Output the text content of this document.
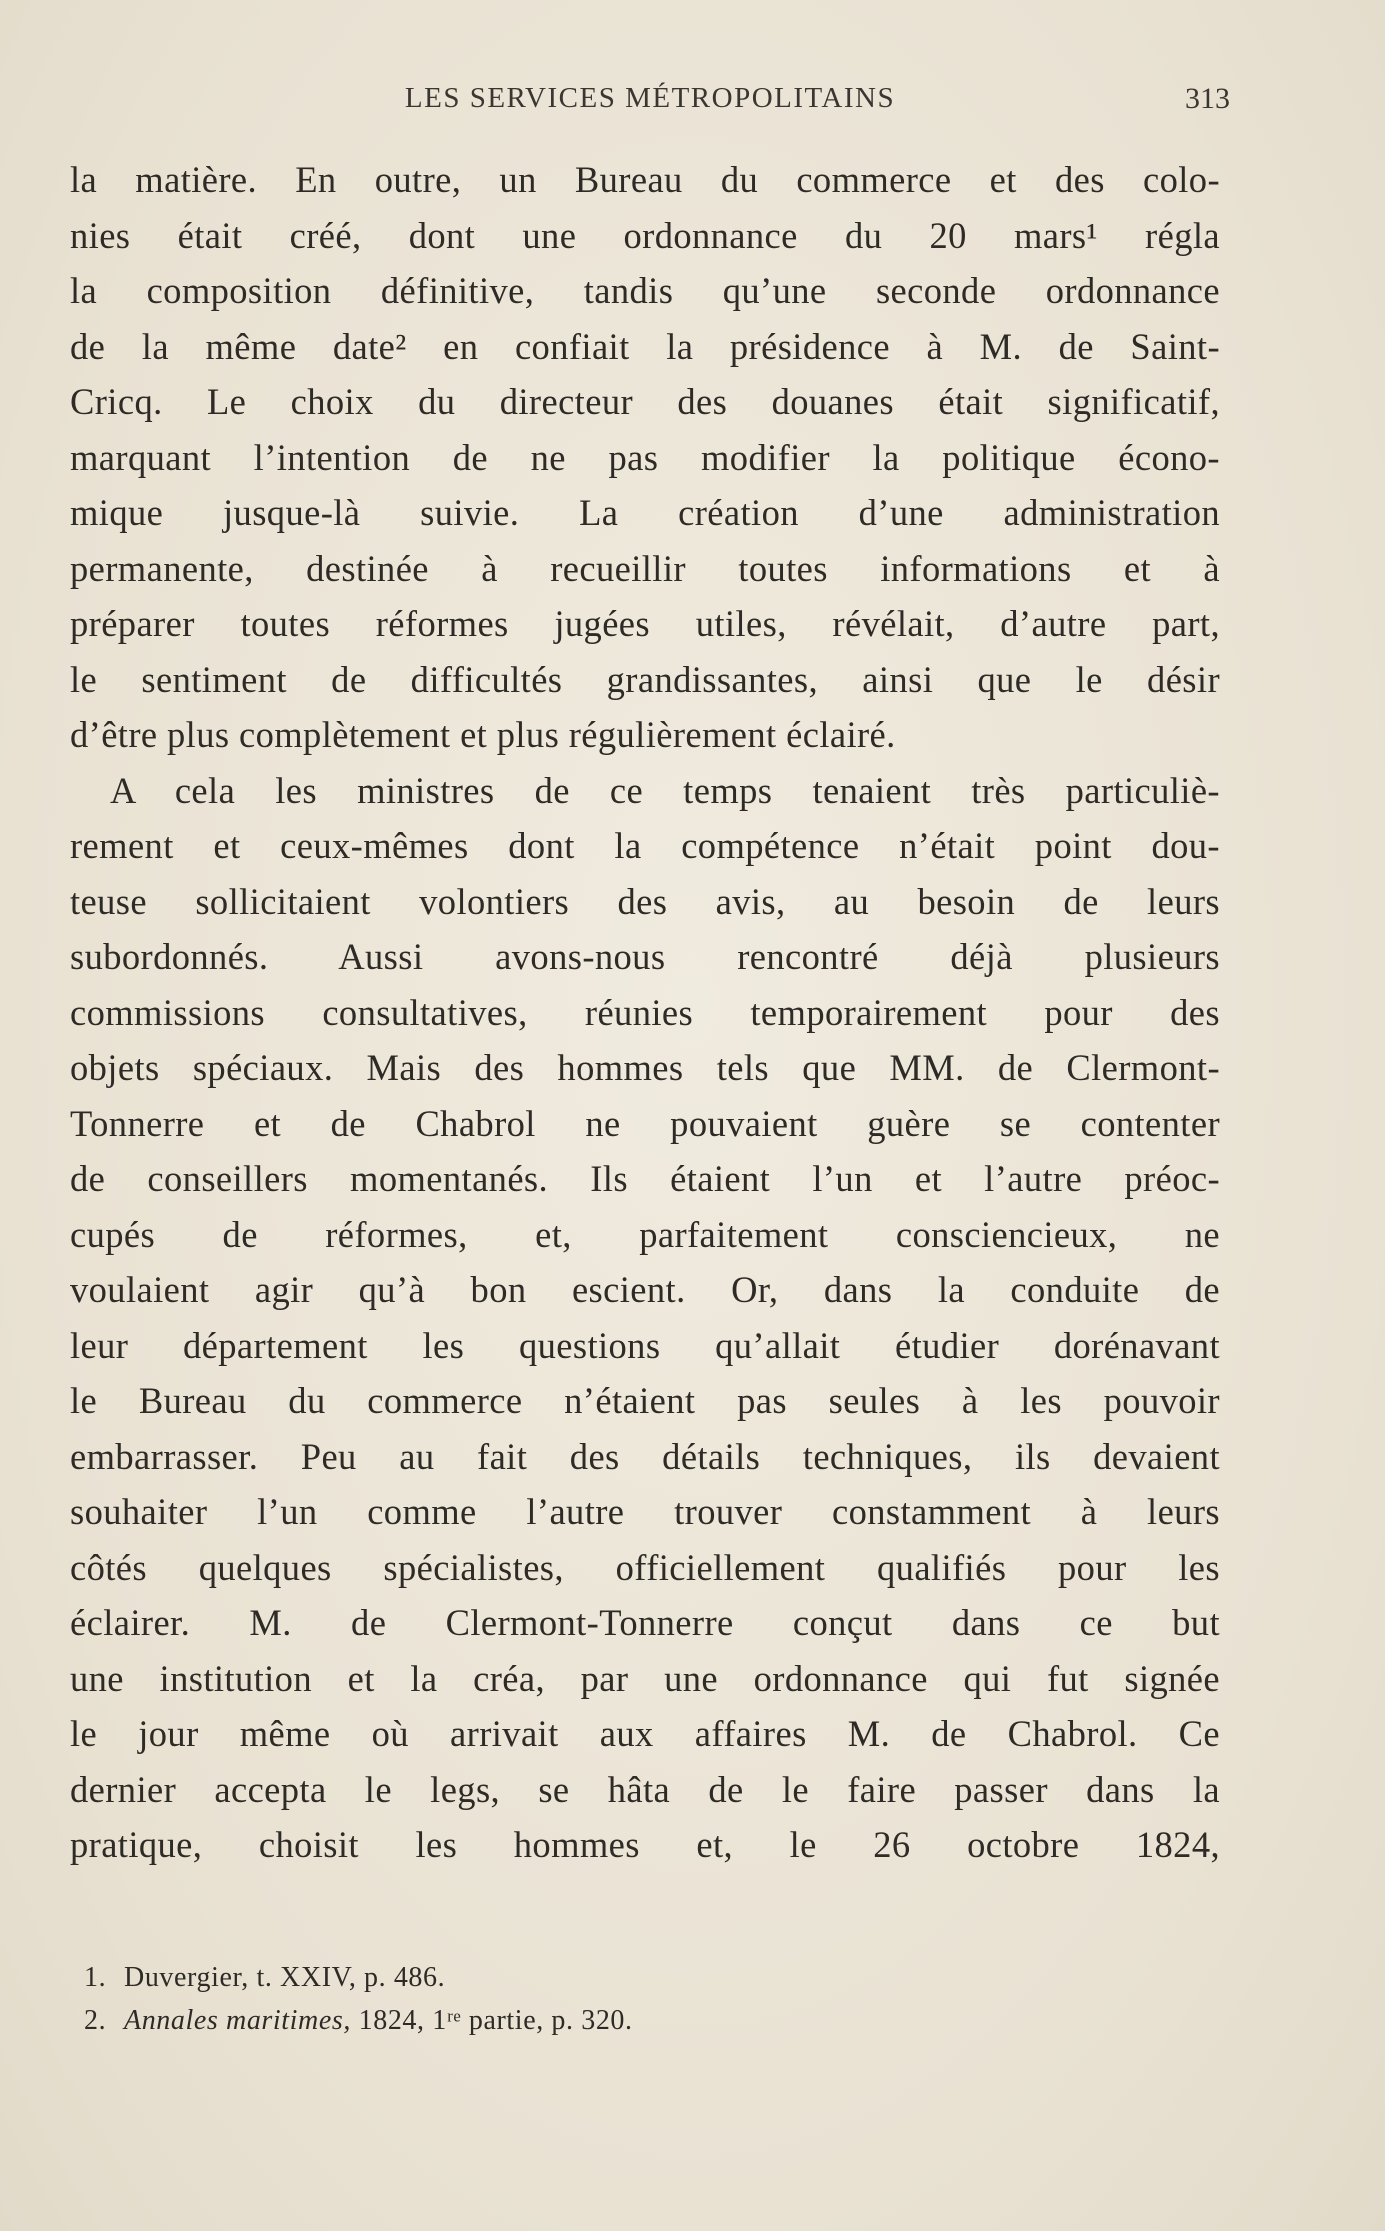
LES SERVICES MÉTROPOLITAINS	313
la matière. En outre, un Bureau du commerce et des colo-
nies était créé, dont une ordonnance du 20 mars¹ régla
la composition définitive, tandis qu’une seconde ordonnance
de la même date² en confiait la présidence à M. de Saint-
Cricq. Le choix du directeur des douanes était significatif,
marquant l’intention de ne pas modifier la politique écono-
mique jusque-là suivie. La création d’une administration
permanente, destinée à recueillir toutes informations et à
préparer toutes réformes jugées utiles, révélait, d’autre part,
le sentiment de difficultés grandissantes, ainsi que le désir
d’être plus complètement et plus régulièrement éclairé.
A cela les ministres de ce temps tenaient très particuliè-
rement et ceux-mêmes dont la compétence n’était point dou-
teuse sollicitaient volontiers des avis, au besoin de leurs
subordonnés. Aussi avons-nous rencontré déjà plusieurs
commissions consultatives, réunies temporairement pour des
objets spéciaux. Mais des hommes tels que MM. de Clermont-
Tonnerre et de Chabrol ne pouvaient guère se contenter
de conseillers momentanés. Ils étaient l’un et l’autre préoc-
cupés de réformes, et, parfaitement consciencieux, ne
voulaient agir qu’à bon escient. Or, dans la conduite de
leur département les questions qu’allait étudier dorénavant
le Bureau du commerce n’étaient pas seules à les pouvoir
embarrasser. Peu au fait des détails techniques, ils devaient
souhaiter l’un comme l’autre trouver constamment à leurs
côtés quelques spécialistes, officiellement qualifiés pour les
éclairer. M. de Clermont-Tonnerre conçut dans ce but
une institution et la créa, par une ordonnance qui fut signée
le jour même où arrivait aux affaires M. de Chabrol. Ce
dernier accepta le legs, se hâta de le faire passer dans la
pratique, choisit les hommes et, le 26 octobre 1824,
1. Duvergier, t. XXIV, p. 486.
2. Annales maritimes, 1824, 1ʳᵉ partie, p. 320.
